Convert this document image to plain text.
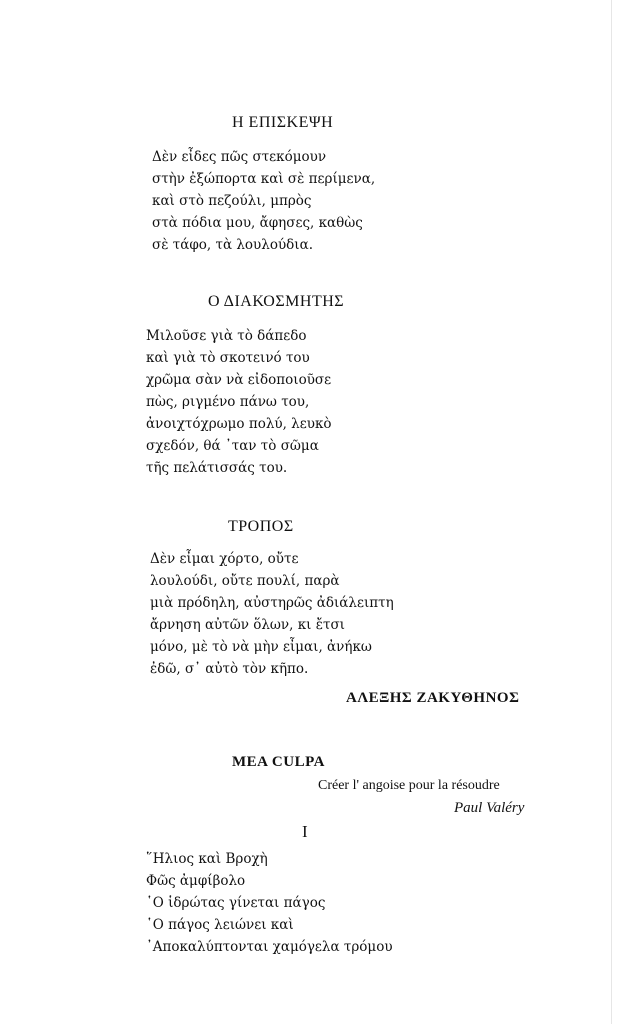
Η ΕΠΙΣΚΕΨΗ
Δὲν εἶδες πῶς στεκόμουν
στὴν ἐξώπορτα καὶ σὲ περίμενα,
καὶ στὸ πεζούλι, μπρὸς
στὰ πόδια μου, ἄφησες, καθὼς
σὲ τάφο, τὰ λουλούδια.
Ο ΔΙΑΚΟΣΜΗΤΗΣ
Μιλοῦσε γιὰ τὸ δάπεδο
καὶ γιὰ τὸ σκοτεινό του
χρῶμα σὰν νὰ εἰδοποιοῦσε
πὼς, ριγμένο πάνω του,
ἀνοιχτόχρωμο πολύ, λευκὸ
σχεδόν, θά ᾿ταν τὸ σῶμα
τῆς πελάτισσάς του.
ΤΡΟΠΟΣ
Δὲν εἶμαι χόρτο, οὔτε
λουλούδι, οὔτε πουλί, παρὰ
μιὰ πρόδηλη, αὐστηρῶς ἀδιάλειπτη
ἄρνηση αὐτῶν ὅλων, κι ἔτσι
μόνο, μὲ τὸ νὰ μὴν εἶμαι, ἀνήκω
ἐδῶ, σ᾿ αὐτὸ τὸν κῆπο.
ΑΛΕΞΗΣ ΖΑΚΥΘΗΝΟΣ
MEA CULPA
Créer l' angoise pour la résoudre
Paul Valéry
I
῞Ηλιος καὶ Βροχὴ
Φῶς ἀμφίβολο
῾Ο ἱδρώτας γίνεται πάγος
῾Ο πάγος λειώνει καὶ
᾿Αποκαλύπτονται χαμόγελα τρόμου
